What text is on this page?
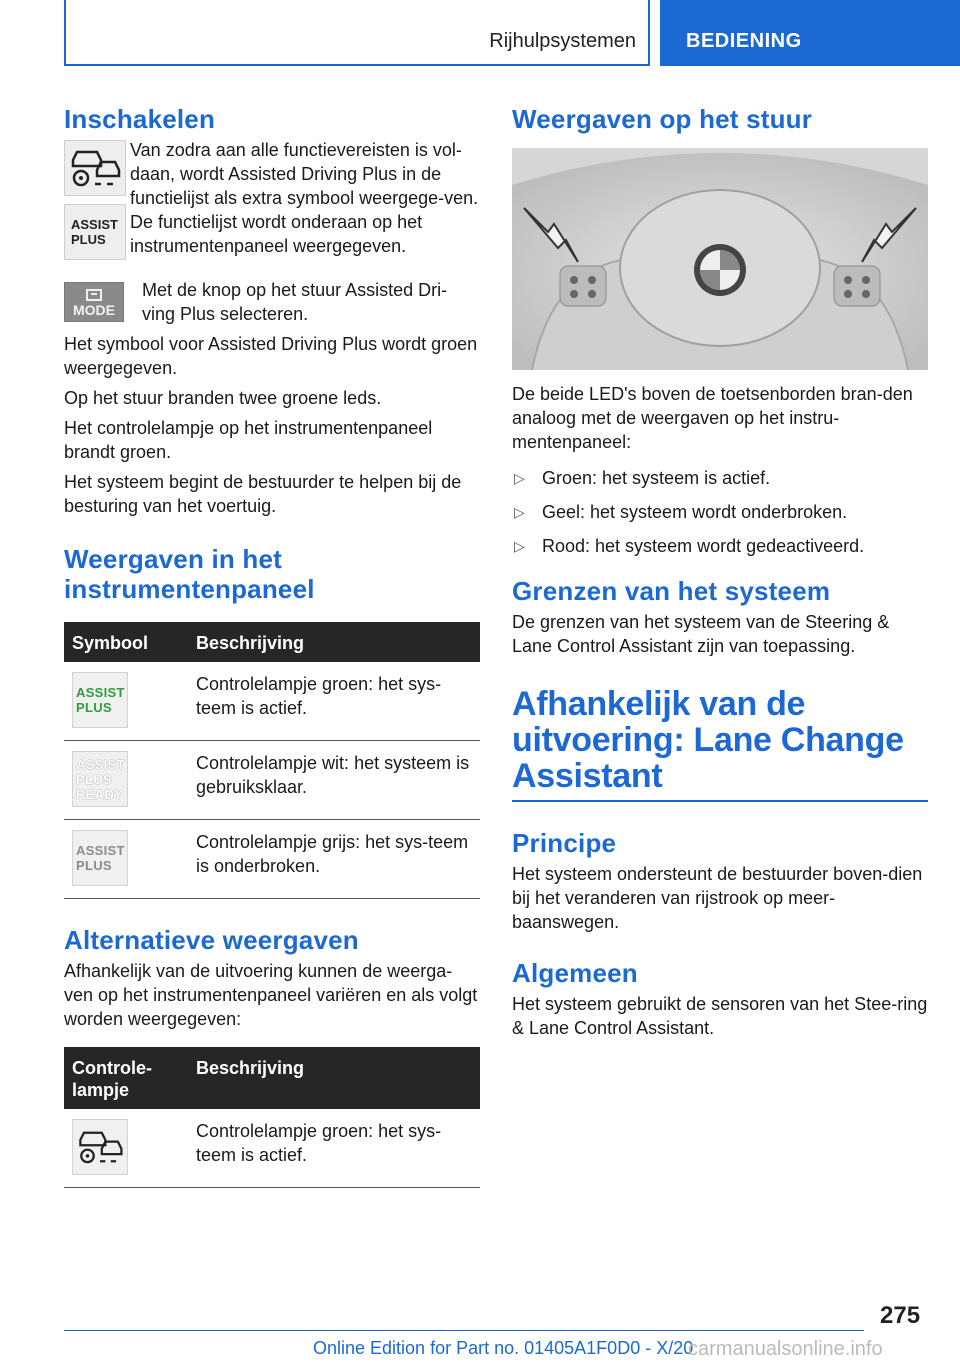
Rijhulpsystemen	BEDIENING
Inschakelen
ASSIST PLUS

Van zodra aan alle functievereisten is vol-daan, wordt Assisted Driving Plus in de functielijst als extra symbool weergege-ven. De functielijst wordt onderaan op het instrumentenpaneel weergegeven.

MODE

Met de knop op het stuur Assisted Dri-ving Plus selecteren.

Het symbool voor Assisted Driving Plus wordt groen weergegeven.

Op het stuur branden twee groene leds.

Het controlelampje op het instrumentenpaneel brandt groen.

Het systeem begint de bestuurder te helpen bij de besturing van het voertuig.

Weergaven in het instrumentenpaneel
Symbool	Beschrijving

ASSIST PLUS	Controlelampje groen: het sys-teem is actief.

ASSIST PLUS READY	Controlelampje wit: het systeem is gebruiksklaar.

ASSIST PLUS	Controlelampje grijs: het sys-teem is onderbroken.
Alternatieve weergaven

Afhankelijk van de uitvoering kunnen de weerga-ven op het instrumentenpaneel variëren en als volgt worden weergegeven:

Controle-lampje	Beschrijving

	Controlelampje groen: het sys-teem is actief.
Weergaven op het stuur

De beide LED's boven de toetsenborden bran-den analoog met de weergaven op het instru-mentenpaneel:

▷ Groen: het systeem is actief.
▷ Geel: het systeem wordt onderbroken.
▷ Rood: het systeem wordt gedeactiveerd.
Grenzen van het systeem

De grenzen van het systeem van de Steering & Lane Control Assistant zijn van toepassing.

Afhankelijk van de uitvoering: Lane Change Assistant
Principe

Het systeem ondersteunt de bestuurder boven-dien bij het veranderen van rijstrook op meer-baanswegen.

Algemeen

Het systeem gebruikt de sensoren van het Stee-ring & Lane Control Assistant.

275
Online Edition for Part no. 01405A1F0D0 - X/20
carmanualsonline.info
